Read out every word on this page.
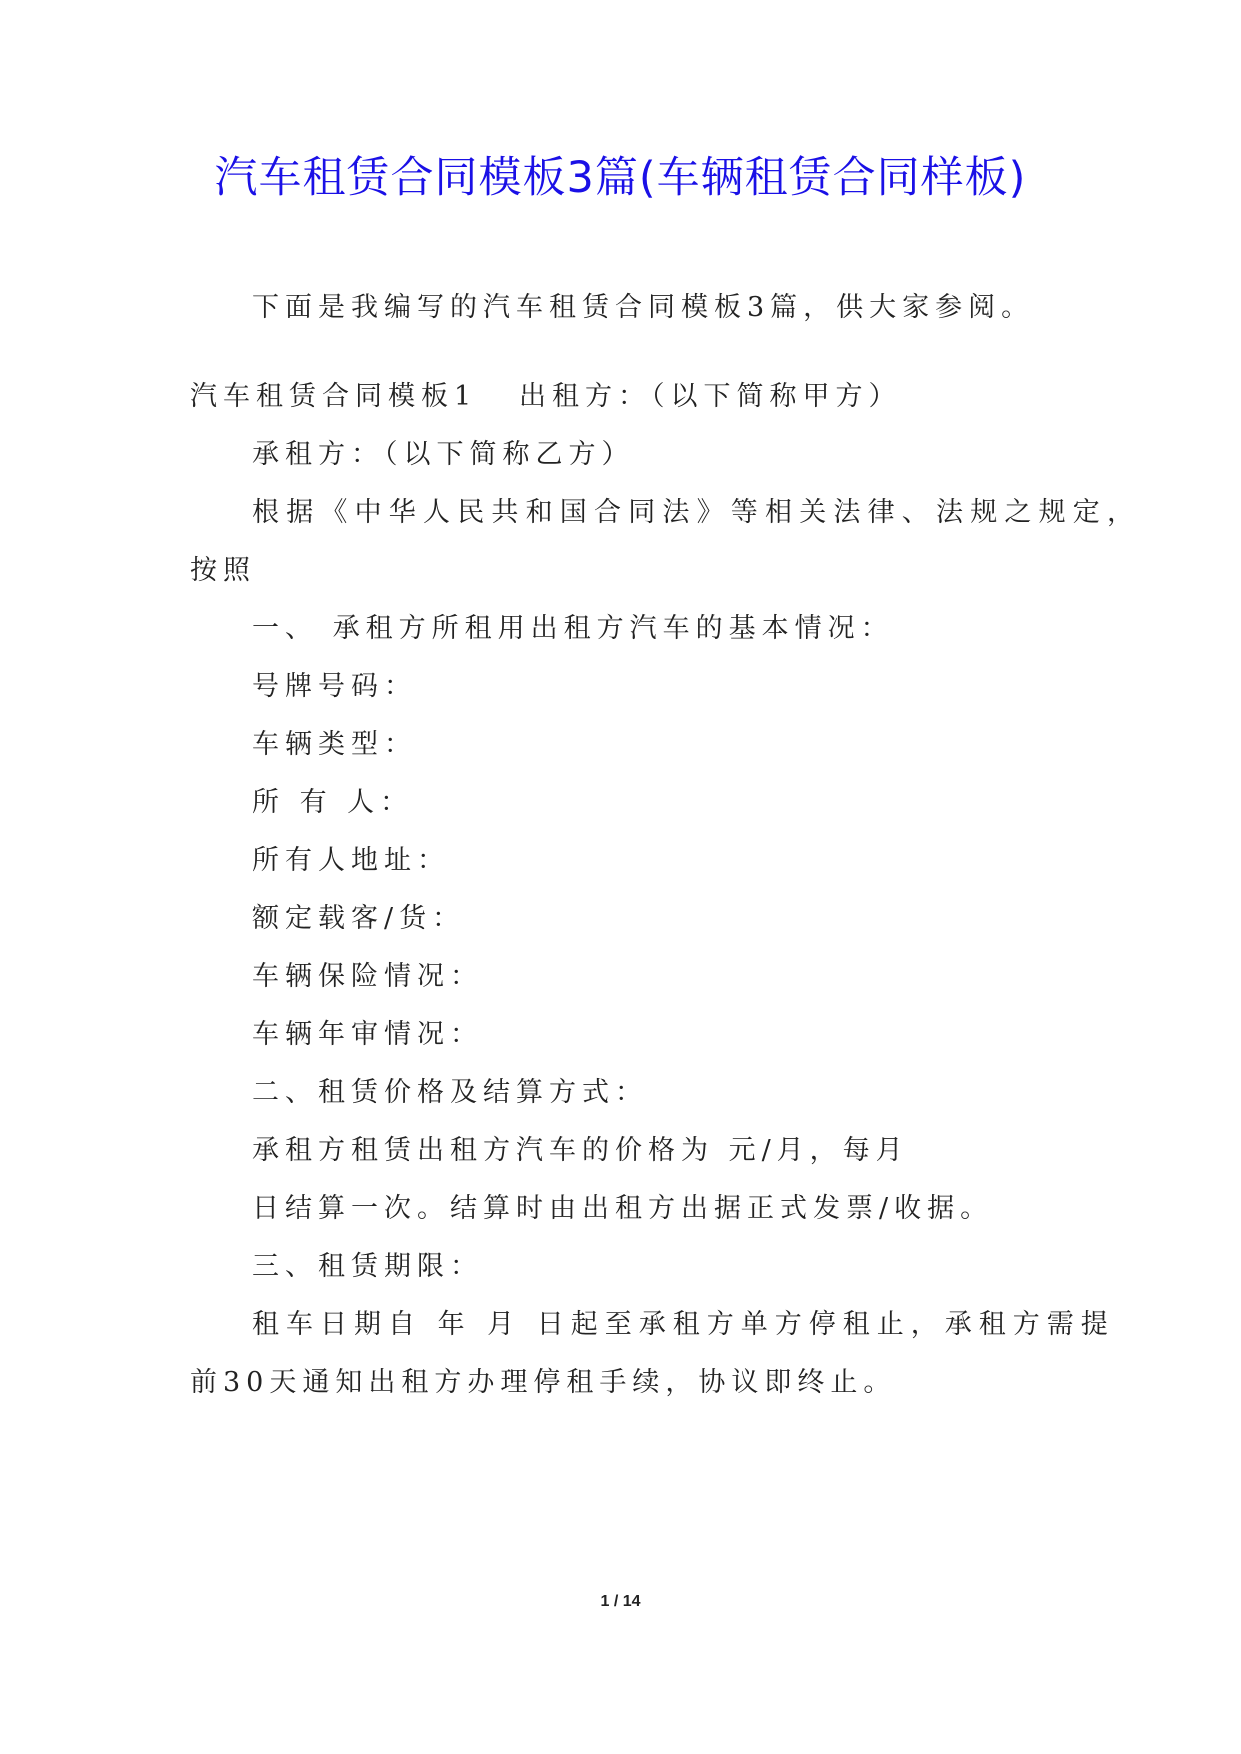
汽车租赁合同模板3篇(车辆租赁合同样板)
下面是我编写的汽车租赁合同模板3篇，供大家参阅。
汽车租赁合同模板1 出租方：（以下简称甲方）
承租方：（以下简称乙方）
根据《中华人民共和国合同法》等相关法律、法规之规定，
按照
一、 承租方所租用出租方汽车的基本情况：
号牌号码：
车辆类型：
所 有 人：
所有人地址：
额定载客/货：
车辆保险情况：
车辆年审情况：
二、租赁价格及结算方式：
承租方租赁出租方汽车的价格为 元/月，每月
日结算一次。结算时由出租方出据正式发票/收据。
三、租赁期限：
租车日期自 年 月 日起至承租方单方停租止，承租方需提
前30天通知出租方办理停租手续，协议即终止。
1 / 14
